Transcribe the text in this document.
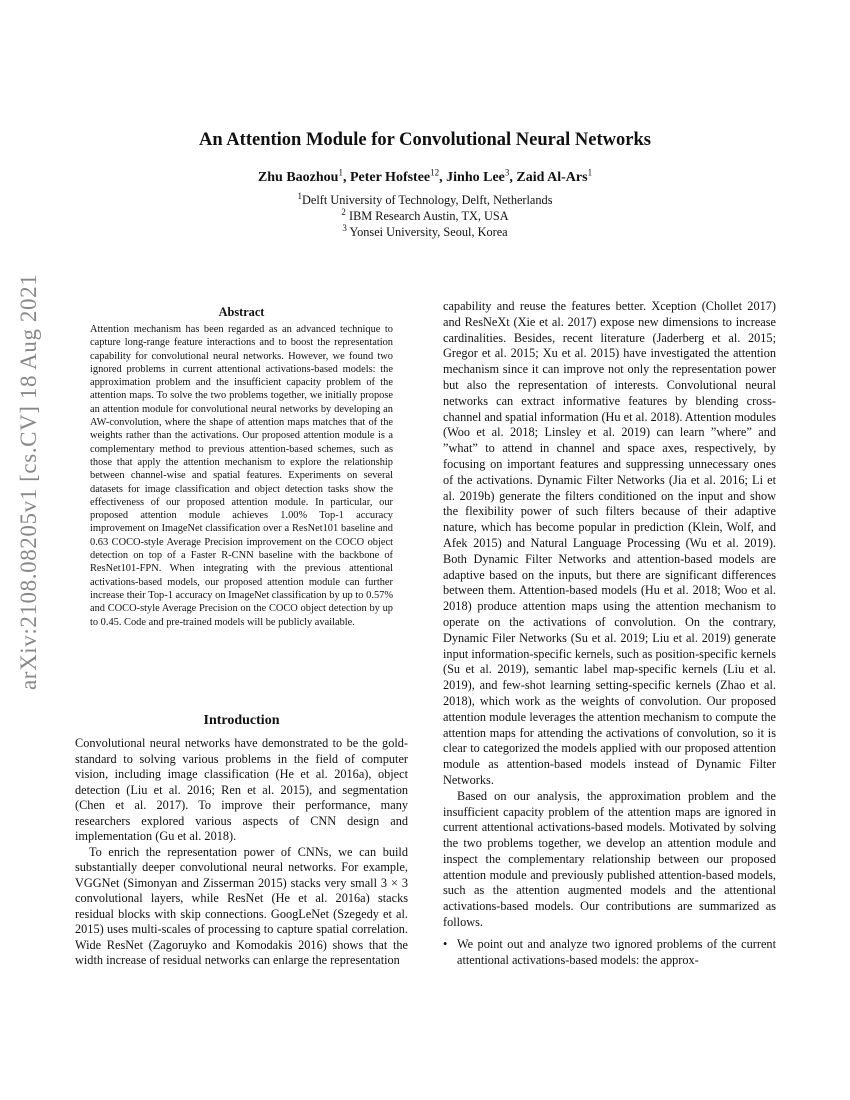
arXiv:2108.08205v1 [cs.CV] 18 Aug 2021
An Attention Module for Convolutional Neural Networks
Zhu Baozhou$^1$, Peter Hofstee$^{12}$, Jinho Lee$^3$, Zaid Al-Ars$^1$
$^1$Delft University of Technology, Delft, Netherlands
$^2$ IBM Research Austin, TX, USA
$^3$ Yonsei University, Seoul, Korea
Abstract

Attention mechanism has been regarded as an advanced technique to capture long-range feature interactions and to boost the representation capability for convolutional neural networks. However, we found two ignored problems in current attentional activations-based models: the approximation problem and the insufficient capacity problem of the attention maps. To solve the two problems together, we initially propose an attention module for convolutional neural networks by developing an AW-convolution, where the shape of attention maps matches that of the weights rather than the activations. Our proposed attention module is a complementary method to previous attention-based schemes, such as those that apply the attention mechanism to explore the relationship between channel-wise and spatial features. Experiments on several datasets for image classification and object detection tasks show the effectiveness of our proposed attention module. In particular, our proposed attention module achieves 1.00% Top-1 accuracy improvement on ImageNet classification over a ResNet101 baseline and 0.63 COCO-style Average Precision improvement on the COCO object detection on top of a Faster R-CNN baseline with the backbone of ResNet101-FPN. When integrating with the previous attentional activations-based models, our proposed attention module can further increase their Top-1 accuracy on ImageNet classification by up to 0.57% and COCO-style Average Precision on the COCO object detection by up to 0.45. Code and pre-trained models will be publicly available.

Introduction

Convolutional neural networks have demonstrated to be the gold-standard to solving various problems in the field of computer vision, including image classification (He et al. 2016a), object detection (Liu et al. 2016; Ren et al. 2015), and segmentation (Chen et al. 2017). To improve their performance, many researchers explored various aspects of CNN design and implementation (Gu et al. 2018).

To enrich the representation power of CNNs, we can build substantially deeper convolutional neural networks. For example, VGGNet (Simonyan and Zisserman 2015) stacks very small 3 × 3 convolutional layers, while ResNet (He et al. 2016a) stacks residual blocks with skip connections. GoogLeNet (Szegedy et al. 2015) uses multi-scales of processing to capture spatial correlation. Wide ResNet (Zagoruyko and Komodakis 2016) shows that the width increase of residual networks can enlarge the representation

capability and reuse the features better. Xception (Chollet 2017) and ResNeXt (Xie et al. 2017) expose new dimensions to increase cardinalities. Besides, recent literature (Jaderberg et al. 2015; Gregor et al. 2015; Xu et al. 2015) have investigated the attention mechanism since it can improve not only the representation power but also the representation of interests. Convolutional neural networks can extract informative features by blending cross-channel and spatial information (Hu et al. 2018). Attention modules (Woo et al. 2018; Linsley et al. 2019) can learn ”where” and ”what” to attend in channel and space axes, respectively, by focusing on important features and suppressing unnecessary ones of the activations. Dynamic Filter Networks (Jia et al. 2016; Li et al. 2019b) generate the filters conditioned on the input and show the flexibility power of such filters because of their adaptive nature, which has become popular in prediction (Klein, Wolf, and Afek 2015) and Natural Language Processing (Wu et al. 2019). Both Dynamic Filter Networks and attention-based models are adaptive based on the inputs, but there are significant differences between them. Attention-based models (Hu et al. 2018; Woo et al. 2018) produce attention maps using the attention mechanism to operate on the activations of convolution. On the contrary, Dynamic Filer Networks (Su et al. 2019; Liu et al. 2019) generate input information-specific kernels, such as position-specific kernels (Su et al. 2019), semantic label map-specific kernels (Liu et al. 2019), and few-shot learning setting-specific kernels (Zhao et al. 2018), which work as the weights of convolution. Our proposed attention module leverages the attention mechanism to compute the attention maps for attending the activations of convolution, so it is clear to categorized the models applied with our proposed attention module as attention-based models instead of Dynamic Filter Networks.

Based on our analysis, the approximation problem and the insufficient capacity problem of the attention maps are ignored in current attentional activations-based models. Motivated by solving the two problems together, we develop an attention module and inspect the complementary relationship between our proposed attention module and previously published attention-based models, such as the attention augmented models and the attentional activations-based models. Our contributions are summarized as follows.

• We point out and analyze two ignored problems of the current attentional activations-based models: the approx-
